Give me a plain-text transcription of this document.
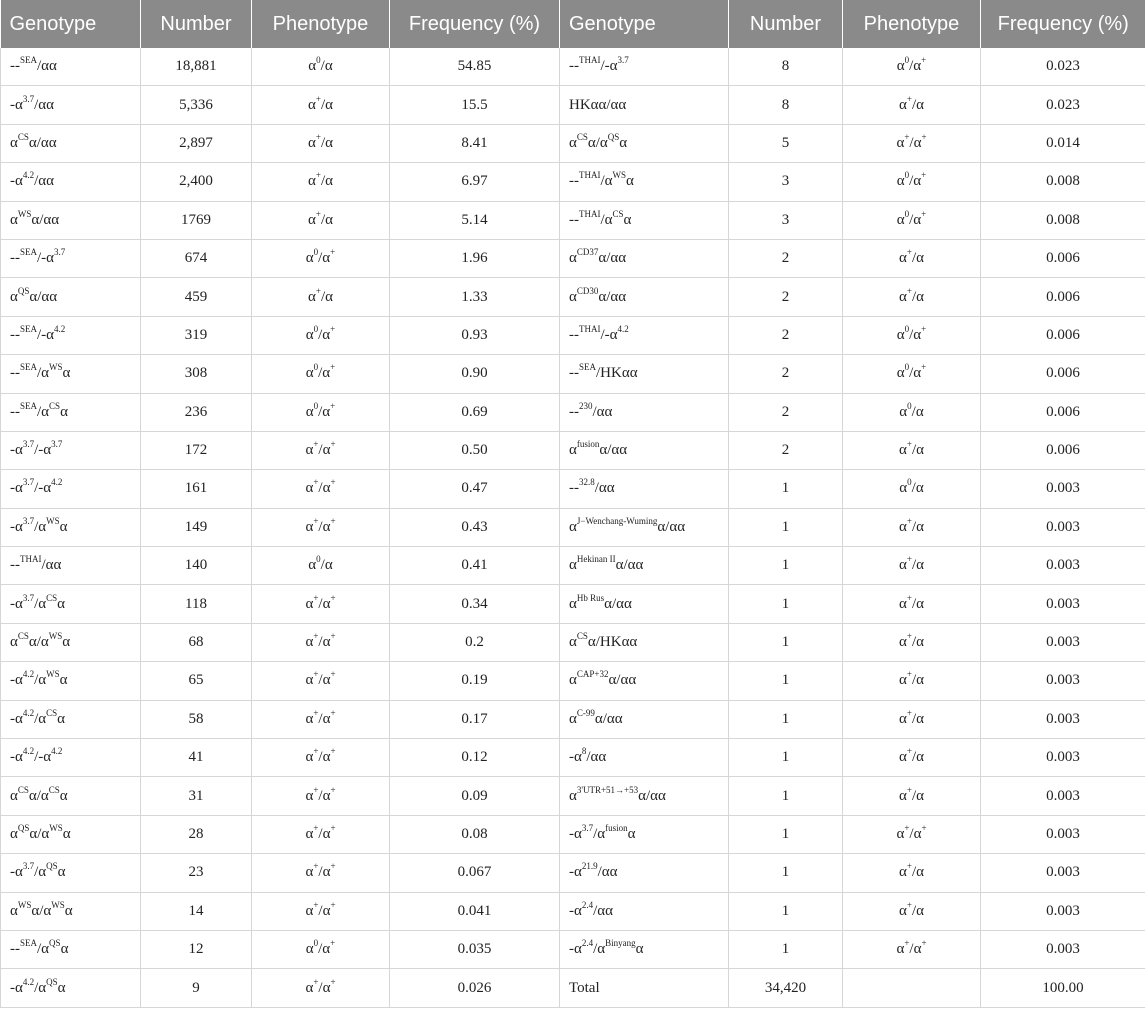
Genotype	Number	Phenotype	Frequency (%)	Genotype	Number	Phenotype	Frequency (%)
--$^{SEA}$/αα	18,881	$\alpha^0/\alpha$	54.85	$--^{THAI}/-\alpha^{3.7}$	8	$\alpha^0/\alpha^+$	0.023
$-\alpha^{3.7}/\alpha\alpha$	5,336	α+/α	15.5	HKαα/αα	8	α+/α	0.023
$\alpha^{CS}\alpha/\alpha\alpha$	2,897	α+/α	8.41	$\alpha^{CS}\alpha/\alpha^{QS}\alpha$	5	α+/α+	0.014
$-\alpha^{4.2}/\alpha\alpha$	2,400	α+/α	6.97	$--^{THAI}/\alpha^{WS}\alpha$	3	$\alpha^0/\alpha^+$	0.008
$\alpha^{WS}\alpha/\alpha\alpha$	1769	α+/α	5.14	$--^{THAI}/\alpha^{CS}\alpha$	3	$\alpha^0/\alpha^+$	0.008
$--^{SEA}/-\alpha^{3.7}$	674	$\alpha^0/\alpha^+$	1.96	$\alpha^{CD37}\alpha/\alpha\alpha$	2	α+/α	0.006
$\alpha^{QS}\alpha/\alpha\alpha$	459	α+/α	1.33	$\alpha^{CD30}\alpha/\alpha\alpha$	2	α+/α	0.006
$--^{SEA}/-\alpha^{4.2}$	319	$\alpha^0/\alpha^+$	0.93	$--^{THAI}/-\alpha^{4.2}$	2	$\alpha^0/\alpha^+$	0.006
$--^{SEA}/\alpha^{WS}\alpha$	308	$\alpha^0/\alpha^+$	0.90	--$^{SEA}$/HKαα	2	$\alpha^0/\alpha^+$	0.006
$--^{SEA}/\alpha^{CS}\alpha$	236	$\alpha^0/\alpha^+$	0.69	--$^{230}$/αα	2	$\alpha^0/\alpha$	0.006
$-\alpha^{3.7}/-\alpha^{3.7}$	172	α+/α+	0.50	$\alpha^{fusion}\alpha/\alpha\alpha$	2	α+/α	0.006
$-\alpha^{3.7}/-\alpha^{4.2}$	161	α+/α+	0.47	--$^{32.8}$/αα	1	$\alpha^0/\alpha$	0.003
$-\alpha^{3.7}/\alpha^{WS}\alpha$	149	α+/α+	0.43	$\alpha^{J-Wenchang-Wuming}\alpha/\alpha\alpha$	1	α+/α	0.003
--$^{THAI}$/αα	140	$\alpha^0/\alpha$	0.41	$\alpha^{Hekinan II}\alpha/\alpha\alpha$	1	α+/α	0.003
$-\alpha^{3.7}/\alpha^{CS}\alpha$	118	α+/α+	0.34	$\alpha^{Hb Rus}\alpha/\alpha\alpha$	1	α+/α	0.003
$\alpha^{CS}\alpha/\alpha^{WS}\alpha$	68	α+/α+	0.2	$\alpha^{CS}\alpha$/HKαα	1	α+/α	0.003
$-\alpha^{4.2}/\alpha^{WS}\alpha$	65	α+/α+	0.19	$\alpha^{CAP+32}\alpha/\alpha\alpha$	1	α+/α	0.003
$-\alpha^{4.2}/\alpha^{CS}\alpha$	58	α+/α+	0.17	$\alpha^{C-99}\alpha/\alpha\alpha$	1	α+/α	0.003
$-\alpha^{4.2}/-\alpha^{4.2}$	41	α+/α+	0.12	$-\alpha^8/\alpha\alpha$	1	α+/α	0.003
$\alpha^{CS}\alpha/\alpha^{CS}\alpha$	31	α+/α+	0.09	$\alpha^{3'UTR+51\to+53}\alpha/\alpha\alpha$	1	α+/α	0.003
$\alpha^{QS}\alpha/\alpha^{WS}\alpha$	28	α+/α+	0.08	$-\alpha^{3.7}/\alpha^{fusion}\alpha$	1	α+/α+	0.003
$-\alpha^{3.7}/\alpha^{QS}\alpha$	23	α+/α+	0.067	$-\alpha^{21.9}/\alpha\alpha$	1	α+/α	0.003
$\alpha^{WS}\alpha/\alpha^{WS}\alpha$	14	α+/α+	0.041	$-\alpha^{2.4}/\alpha\alpha$	1	α+/α	0.003
$--^{SEA}/\alpha^{QS}\alpha$	12	$\alpha^0/\alpha^+$	0.035	$-\alpha^{2.4}/\alpha^{Binyang}\alpha$	1	α+/α+	0.003
$-\alpha^{4.2}/\alpha^{QS}\alpha$	9	α+/α+	0.026	Total	34,420		100.00
